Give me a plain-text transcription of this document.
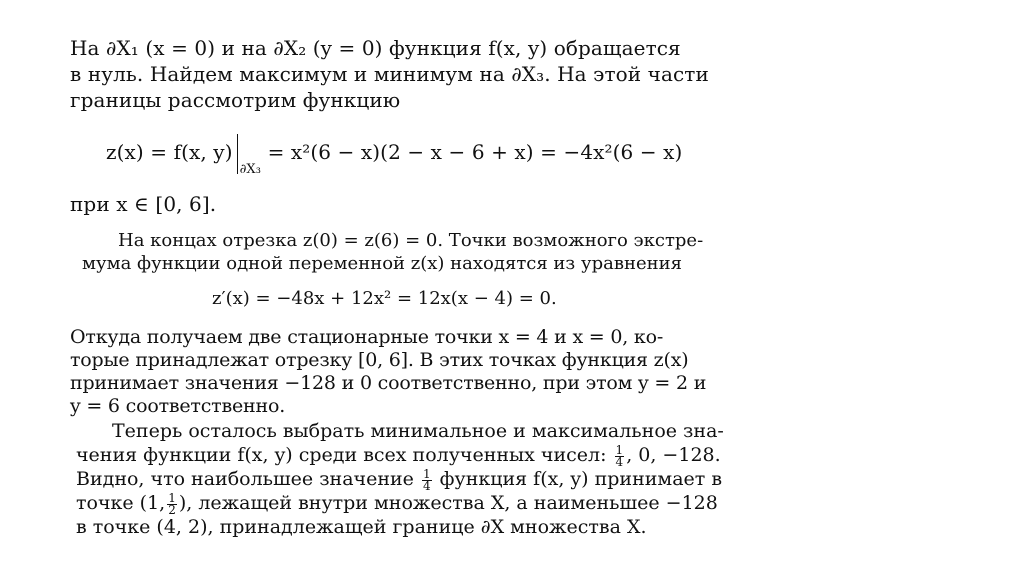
На ∂X₁ (x = 0) и на ∂X₂ (y = 0) функция f(x, y) обращается
в нуль. Найдем максимум и минимум на ∂X₃. На этой части
границы рассмотрим функцию
z(x) = f(x, $y)_{\partial X_3} = x^2(6 - x)(2 - x - 6 + x) = -4x^2(6 - x)$
при x ∈ [0, 6].
На концах отрезка z(0) = z(6) = 0. Точки возможного экстре-
мума функции одной переменной z(x) находятся из уравнения
z′(x) = −48x + 12x² = 12x(x − 4) = 0.
Откуда получаем две стационарные точки x = 4 и x = 0, ко-
торые принадлежат отрезку [0, 6]. В этих точках функция z(x)
принимает значения −128 и 0 соответственно, при этом y = 2 и
y = 6 соответственно.
Теперь осталось выбрать минимальное и максимальное зна-
чения функции f(x, y) среди всех полученных чисел: $\frac{1}{4}$ , 0, −128.
Видно, что наибольшее значение $\frac{1}{4}$ функция f(x, y) принимает в
точке (1, $\frac{1}{2}$ ), лежащей внутри множества X, а наименьшее −128
в точке (4, 2), принадлежащей границе ∂X множества X.
